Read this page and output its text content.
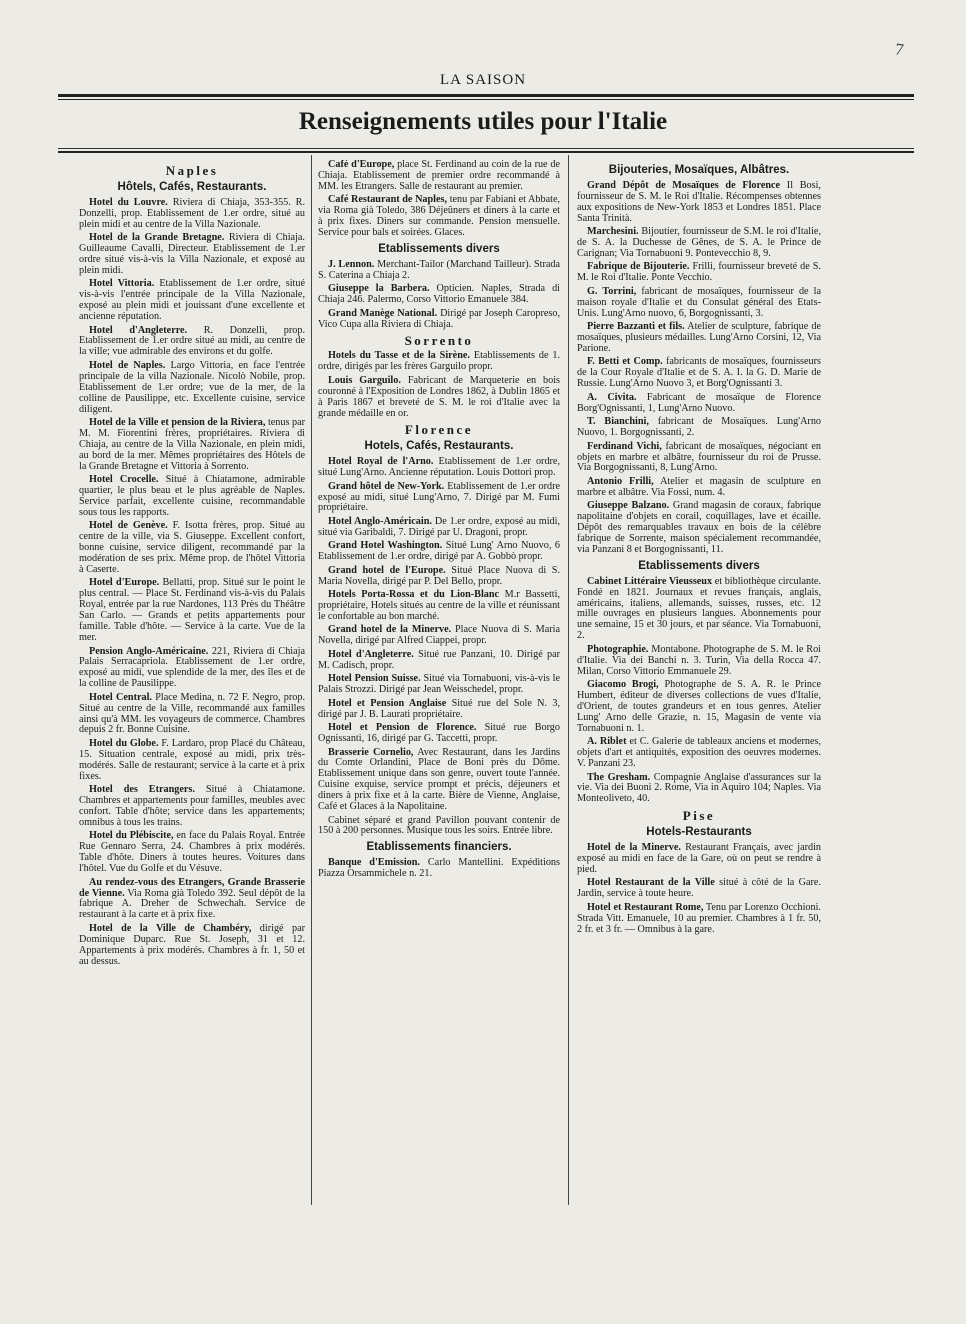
7
LA SAISON
Renseignements utiles pour l'Italie
Naples
Hôtels, Cafés, Restaurants.

Hotel du Louvre. Riviera di Chiaja, 353-355. R. Donzelli, prop. Etablissement de 1.er ordre, situé au plein midi et au centre de la Villa Nazionale.

Hotel de la Grande Bretagne. Riviera di Chiaja. Guilleaume Cavalli, Directeur. Etablissement de 1.er ordre situé vis-à-vis la Villa Nazionale, et exposé au plein midi.

Hotel Vittoria. Etablissement de 1.er ordre, situé vis-à-vis l'entrée principale de la Villa Nazionale, exposé au plein midi et jouissant d'une excellente et ancienne réputation.

Hotel d'Angleterre. R. Donzelli, prop. Etablissement de 1.er ordre situé au midi, au centre de la ville; vue admirable des environs et du golfe.

Hotel de Naples. Largo Vittoria, en face l'entrée principale de la villa Nazionale. Nicolò Nobile, prop. Etablissement de 1.er ordre; vue de la mer, de la colline de Pausilippe, etc. Excellente cuisine, service diligent.

Hotel de la Ville et pension de la Riviera, tenus par M. M. Fiorentini frères, propriétaires. Riviera di Chiaja, au centre de la Villa Nazionale, en plein midi, au bord de la mer. Mêmes propriétaires des Hôtels de la Grande Bretagne et Vittoria à Sorrento.

Hotel Crocelle. Situé à Chiatamone, admirable quartier, le plus beau et le plus agréable de Naples. Service parfait, excellente cuisine, recommandable sous tous les rapports.

Hotel de Genève. F. Isotta frères, prop. Situé au centre de la ville, via S. Giuseppe. Excellent confort, bonne cuisine, service diligent, recommandé par la modération de ses prix. Même prop. de l'hôtel Vittoria à Caserte.

Hotel d'Europe. Bellatti, prop. Situé sur le point le plus central. — Place St. Ferdinand vis-à-vis du Palais Royal, entrée par la rue Nardones, 113 Près du Théâtre San Carlo. — Grands et petits appartements pour famille. Table d'hôte. — Service à la carte. Vue de la mer.

Pension Anglo-Américaine. 221, Riviera di Chiaja Palais Serracapriola. Etablissement de 1.er ordre, exposé au midi, vue splendide de la mer, des îles et de la colline de Pausilippe.

Hotel Central. Place Medina, n. 72 F. Negro, prop. Situé au centre de la Ville, recommandé aux familles ainsi qu'à MM. les voyageurs de commerce. Chambres depuis 2 fr. Bonne Cuisine.

Hotel du Globe. F. Lardaro, prop Placé du Château, 15. Situation centrale, exposé au midi, prix très-modérés. Salle de restaurant; service à la carte et à prix fixes.

Hotel des Etrangers. Situé à Chiatamone. Chambres et appartements pour familles, meubles avec confort. Table d'hôte; service dans les appartements; omnibus à tous les trains.

Hotel du Plébiscite, en face du Palais Royal. Entrée Rue Gennaro Serra, 24. Chambres à prix modérés. Table d'hôte. Diners à toutes heures. Voitures dans l'hôtel. Vue du Golfe et du Vésuve.

Au rendez-vous des Etrangers, Grande Brasserie de Vienne. Via Roma già Toledo 392. Seul dépôt de la fabrique A. Dreher de Schwechah. Service de restaurant à la carte et à prix fixe.

Hotel de la Ville de Chambéry, dirigé par Dominique Duparc. Rue St. Joseph, 31 et 12. Appartements à prix modérés. Chambres à fr. 1, 50 et au dessus.

Café d'Europe, place St. Ferdinand au coin de la rue de Chiaja. Etablissement de premier ordre recommandé à MM. les Etrangers. Salle de restaurant au premier.

Café Restaurant de Naples, tenu par Fabiani et Abbate, via Roma già Toledo, 386 Déjeûners et diners à la carte et à prix fixes. Diners sur commande. Pension mensuelle. Service pour bals et soirées. Glaces.

Etablissements divers

J. Lennon. Merchant-Tailor (Marchand Tailleur). Strada S. Caterina a Chiaja 2.

Giuseppe la Barbera. Opticien. Naples, Strada di Chiaja 246. Palermo, Corso Vittorio Emanuele 384.

Grand Manège National. Dirigé par Joseph Caropreso, Vico Cupa alla Riviera di Chiaja.

Sorrento

Hotels du Tasse et de la Sirène. Etablissements de 1. ordre, dirigés par les frères Garguilo propr.

Louis Garguilo. Fabricant de Marqueterie en bois couronné à l'Exposition de Londres 1862, à Dublin 1865 et à Paris 1867 et breveté de S. M. le roi d'Italie avec la grande médaille en or.

Florence
Hotels, Cafés, Restaurants.

Hotel Royal de l'Arno. Etablissement de 1.er ordre, situé Lung'Arno. Ancienne réputation. Louis Dottori prop.

Grand hôtel de New-York. Etablissement de 1.er ordre exposé au midi, situé Lung'Arno, 7. Dirigé par M. Fumi propriétaire.

Hotel Anglo-Américain. De 1.er ordre, exposé au midi, situé via Garibaldi, 7. Dirigé par U. Dragoni, propr.

Grand Hotel Washington. Situé Lung' Arno Nuovo, 6 Etablissement de 1.er ordre, dirigé par A. Gobbò propr.

Grand hotel de l'Europe. Situé Place Nuova di S. Maria Novella, dirigé par P. Del Bello, propr.

Hotels Porta-Rossa et du Lion-Blanc M.r Bassetti, propriétaire, Hotels situés au centre de la ville et réunissant le confortable au bon marché.

Grand hotel de la Minerve. Place Nuova di S. Maria Novella, dirigé par Alfred Ciappei, propr.

Hotel d'Angleterre. Situé rue Panzani, 10. Dirigé par M. Cadisch, propr.

Hotel Pension Suisse. Situé via Tornabuoni, vis-à-vis le Palais Strozzi. Dirigé par Jean Weisschedel, propr.

Hotel et Pension Anglaise Situé rue del Sole N. 3, dirigé par J. B. Laurati propriétaire.

Hotel et Pension de Florence. Situé rue Borgo Ognissanti, 16, dirigé par G. Taccetti, propr.

Brasserie Cornelio, Avec Restaurant, dans les Jardins du Comte Orlandini, Place de Boni près du Dôme. Etablissement unique dans son genre, ouvert toute l'année. Cuisine exquise, service prompt et précis, déjeuners et diners à prix fixe et à la carte. Bière de Vienne, Anglaise, Café et Glaces à la Napolitaine.

Cabinet séparé et grand Pavillon pouvant contenir de 150 à 200 personnes. Musique tous les soirs. Entrée libre.

Etablissements financiers.

Banque d'Emission. Carlo Mantellini. Expéditions Piazza Orsammichele n. 21.

Bijouteries, Mosaïques, Albâtres.

Grand Dépôt de Mosaïques de Florence Il Bosi, fournisseur de S. M. le Roi d'Italie. Récompenses obtennes aux expositions de New-York 1853 et Londres 1851. Place Santa Trinità.

Marchesini. Bijoutier, fournisseur de S.M. le roi d'Italie, de S. A. la Duchesse de Gênes, de S. A. le Prince de Carignan; Via Tornabuoni 9. Pontevecchio 8, 9.

Fabrique de Bijouterie. Frilli, fournisseur breveté de S. M. le Roi d'Italie. Ponte Vecchio.

G. Torrini, fabricant de mosaïques, fournisseur de la maison royale d'Italie et du Consulat général des Etats-Unis. Lung'Arno nuovo, 6, Borgognissanti, 3.

Pierre Bazzanti et fils. Atelier de sculpture, fabrique de mosaïques, plusieurs médailles. Lung'Arno Corsini, 12, Via Parione.

F. Betti et Comp. fabricants de mosaïques, fournisseurs de la Cour Royale d'Italie et de S. A. I. la G. D. Marie de Russie. Lung'Arno Nuovo 3, et Borg'Ognissanti 3.

A. Civita. Fabricant de mosaïque de Florence Borg'Ognissanti, 1, Lung'Arno Nuovo.

T. Bianchini, fabricant de Mosaïques. Lung'Arno Nuovo, 1. Borgognissanti, 2.

Ferdinand Vichi, fabricant de mosaïques, négociant en objets en marbre et albâtre, fournisseur du roi de Prusse. Via Borgognissanti, 8, Lung'Arno.

Antonio Frilli, Atelier et magasin de sculpture en marbre et albâtre. Via Fossi, num. 4.

Giuseppe Balzano. Grand magasin de coraux, fabrique napolitaine d'objets en corail, coquillages, lave et écaille. Dépôt des remarquables travaux en bois de la célèbre fabrique de Sorrente, maison spécialement recommandée, via Panzani 8 et Borgognissanti, 11.

Etablissements divers

Cabinet Littéraire Vieusseux et bibliothèque circulante. Fondé en 1821. Journaux et revues français, anglais, américains, italiens, allemands, suisses, russes, etc. 12 mille ouvrages en plusieurs langues. Abonnements pour une semaine, 15 et 30 jours, et par séance. Via Tornabuoni, 2.

Photographie. Montabone. Photographe de S. M. le Roi d'Italie. Via dei Banchi n. 3. Turin, Via della Rocca 47. Milan, Corso Vittorio Emmanuele 29.

Giacomo Brogi, Photographe de S. A. R. le Prince Humbert, éditeur de diverses collections de vues d'Italie, d'Orient, de toutes grandeurs et en tous genres. Atelier Lung' Arno delle Grazie, n. 15, Magasin de vente via Tornabuoni n. 1.

A. Riblet et C. Galerie de tableaux anciens et modernes, objets d'art et antiquités, exposition des oeuvres modernes. V. Panzani 23.

The Gresham. Compagnie Anglaise d'assurances sur la vie. Via dei Buoni 2. Rome, Via in Aquiro 104; Naples. Via Monteoliveto, 40.

Pise
Hotels-Restaurants

Hotel de la Minerve. Restaurant Français, avec jardin exposé au midi en face de la Gare, où on peut se rendre à pied.

Hotel Restaurant de la Ville situé à côté de la Gare. Jardin, service à toute heure.

Hotel et Restaurant Rome, Tenu par Lorenzo Occhioni. Strada Vitt. Emanuele, 10 au premier. Chambres à 1 fr. 50, 2 fr. et 3 fr. — Omnibus à la gare.
